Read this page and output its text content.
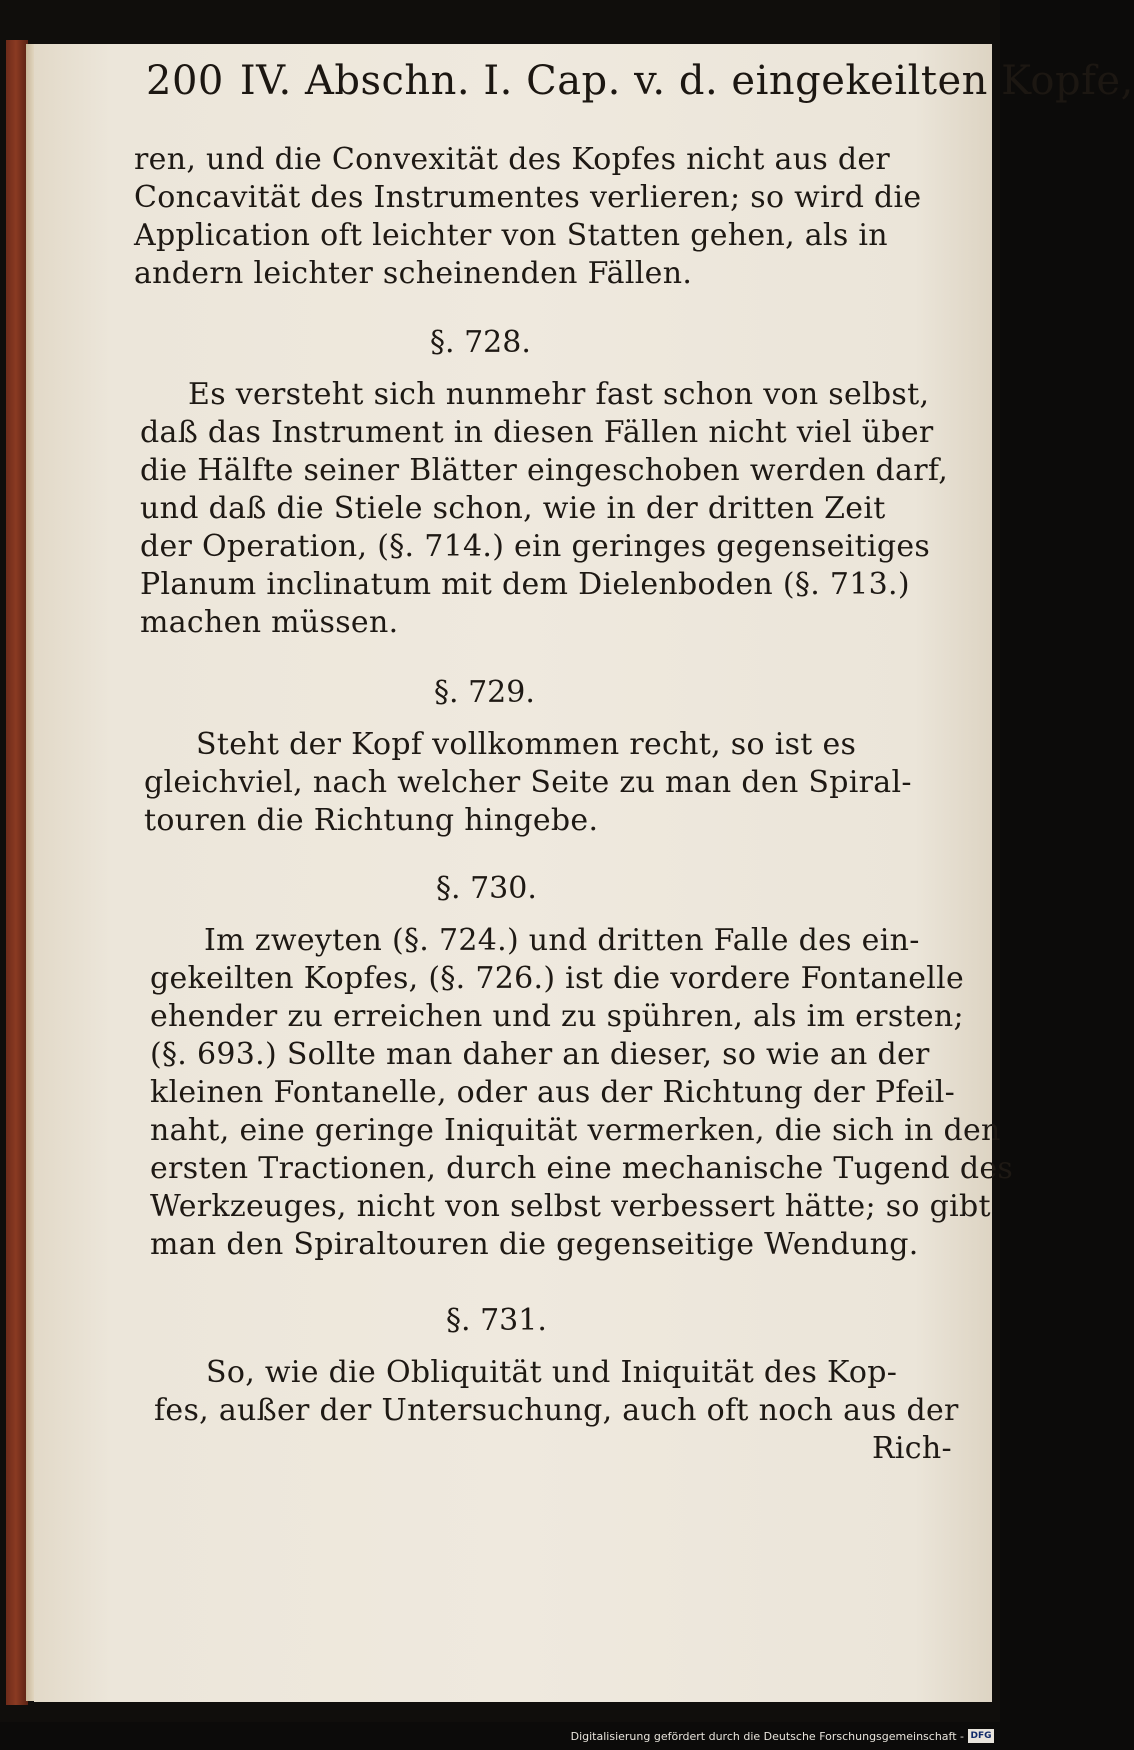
200 IV. Abschn. I. Cap. v. d. eingekeilten Kopfe,
ren, und die Convexität des Kopfes nicht aus der
Concavität des Instrumentes verlieren; so wird die
Application oft leichter von Statten gehen, als in
andern leichter scheinenden Fällen.
§. 728.
Es versteht sich nunmehr fast schon von selbst,
daß das Instrument in diesen Fällen nicht viel über
die Hälfte seiner Blätter eingeschoben werden darf,
und daß die Stiele schon, wie in der dritten Zeit
der Operation, (§. 714.) ein geringes gegenseitiges
Planum inclinatum mit dem Dielenboden (§. 713.)
machen müssen.
§. 729.
Steht der Kopf vollkommen recht, so ist es
gleichviel, nach welcher Seite zu man den Spiral-
touren die Richtung hingebe.
§. 730.
Im zweyten (§. 724.) und dritten Falle des ein-
gekeilten Kopfes, (§. 726.) ist die vordere Fontanelle
ehender zu erreichen und zu spühren, als im ersten;
(§. 693.) Sollte man daher an dieser, so wie an der
kleinen Fontanelle, oder aus der Richtung der Pfeil-
naht, eine geringe Iniquität vermerken, die sich in den
ersten Tractionen, durch eine mechanische Tugend des
Werkzeuges, nicht von selbst verbessert hätte; so gibt
man den Spiraltouren die gegenseitige Wendung.
§. 731.
So, wie die Obliquität und Iniquität des Kop-
fes, außer der Untersuchung, auch oft noch aus der
Rich-
Digitalisierung gefördert durch die Deutsche Forschungsgemeinschaft - DFG
